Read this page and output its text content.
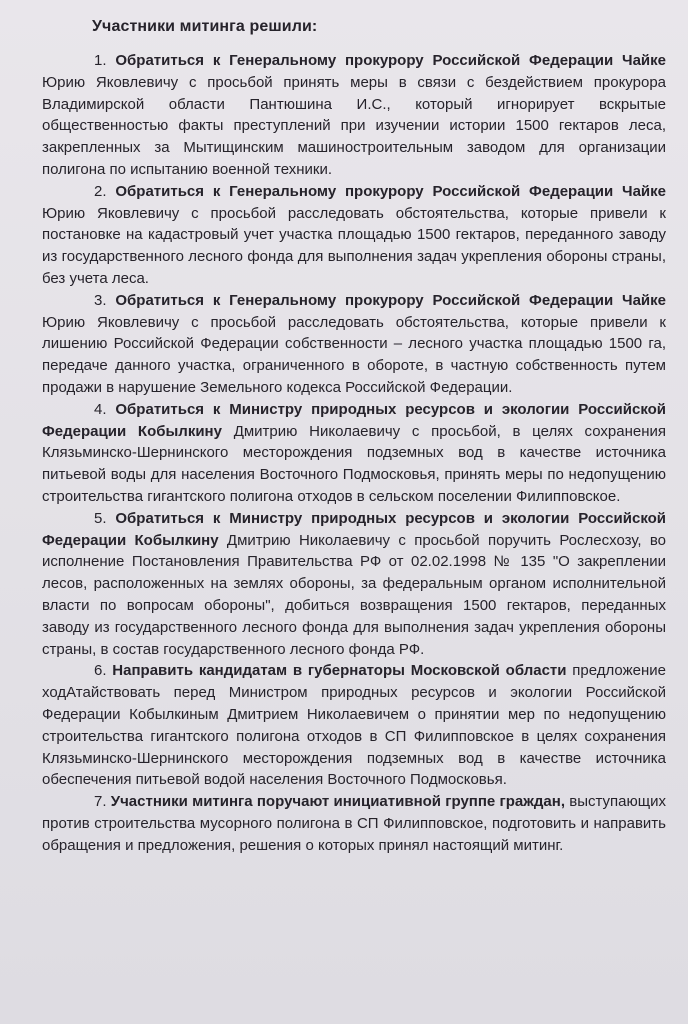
Участники митинга решили:

1. Обратиться к Генеральному прокурору Российской Федерации Чайке Юрию Яковлевичу с просьбой принять меры в связи с бездействием прокурора Владимирской области Пантюшина И.С., который игнорирует вскрытые общественностью факты преступлений при изучении истории 1500 гектаров леса, закрепленных за Мытищинским машиностроительным заводом для организации полигона по испытанию военной техники.

2. Обратиться к Генеральному прокурору Российской Федерации Чайке Юрию Яковлевичу с просьбой расследовать обстоятельства, которые привели к постановке на кадастровый учет участка площадью 1500 гектаров, переданного заводу из государственного лесного фонда для выполнения задач укрепления обороны страны, без учета леса.

3. Обратиться к Генеральному прокурору Российской Федерации Чайке Юрию Яковлевичу с просьбой расследовать обстоятельства, которые привели к лишению Российской Федерации собственности – лесного участка площадью 1500 га, передаче данного участка, ограниченного в обороте, в частную собственность путем продажи в нарушение Земельного кодекса Российской Федерации.

4. Обратиться к Министру природных ресурсов и экологии Российской Федерации Кобылкину Дмитрию Николаевичу с просьбой, в целях сохранения Клязьминско-Шернинского месторождения подземных вод в качестве источника питьевой воды для населения Восточного Подмосковья, принять меры по недопущению строительства гигантского полигона отходов в сельском поселении Филипповское.

5. Обратиться к Министру природных ресурсов и экологии Российской Федерации Кобылкину Дмитрию Николаевичу с просьбой поручить Рослесхозу, во исполнение Постановления Правительства РФ от 02.02.1998 № 135 "О закреплении лесов, расположенных на землях обороны, за федеральным органом исполнительной власти по вопросам обороны", добиться возвращения 1500 гектаров, переданных заводу из государственного лесного фонда для выполнения задач укрепления обороны страны, в состав государственного лесного фонда РФ.

6. Направить кандидатам в губернаторы Московской области предложение ходАтайствовать перед Министром природных ресурсов и экологии Российской Федерации Кобылкиным Дмитрием Николаевичем о принятии мер по недопущению строительства гигантского полигона отходов в СП Филипповское в целях сохранения Клязьминско-Шернинского месторождения подземных вод в качестве источника обеспечения питьевой водой населения Восточного Подмосковья.

7. Участники митинга поручают инициативной группе граждан, выступающих против строительства мусорного полигона в СП Филипповское, подготовить и направить обращения и предложения, решения о которых принял настоящий митинг.
